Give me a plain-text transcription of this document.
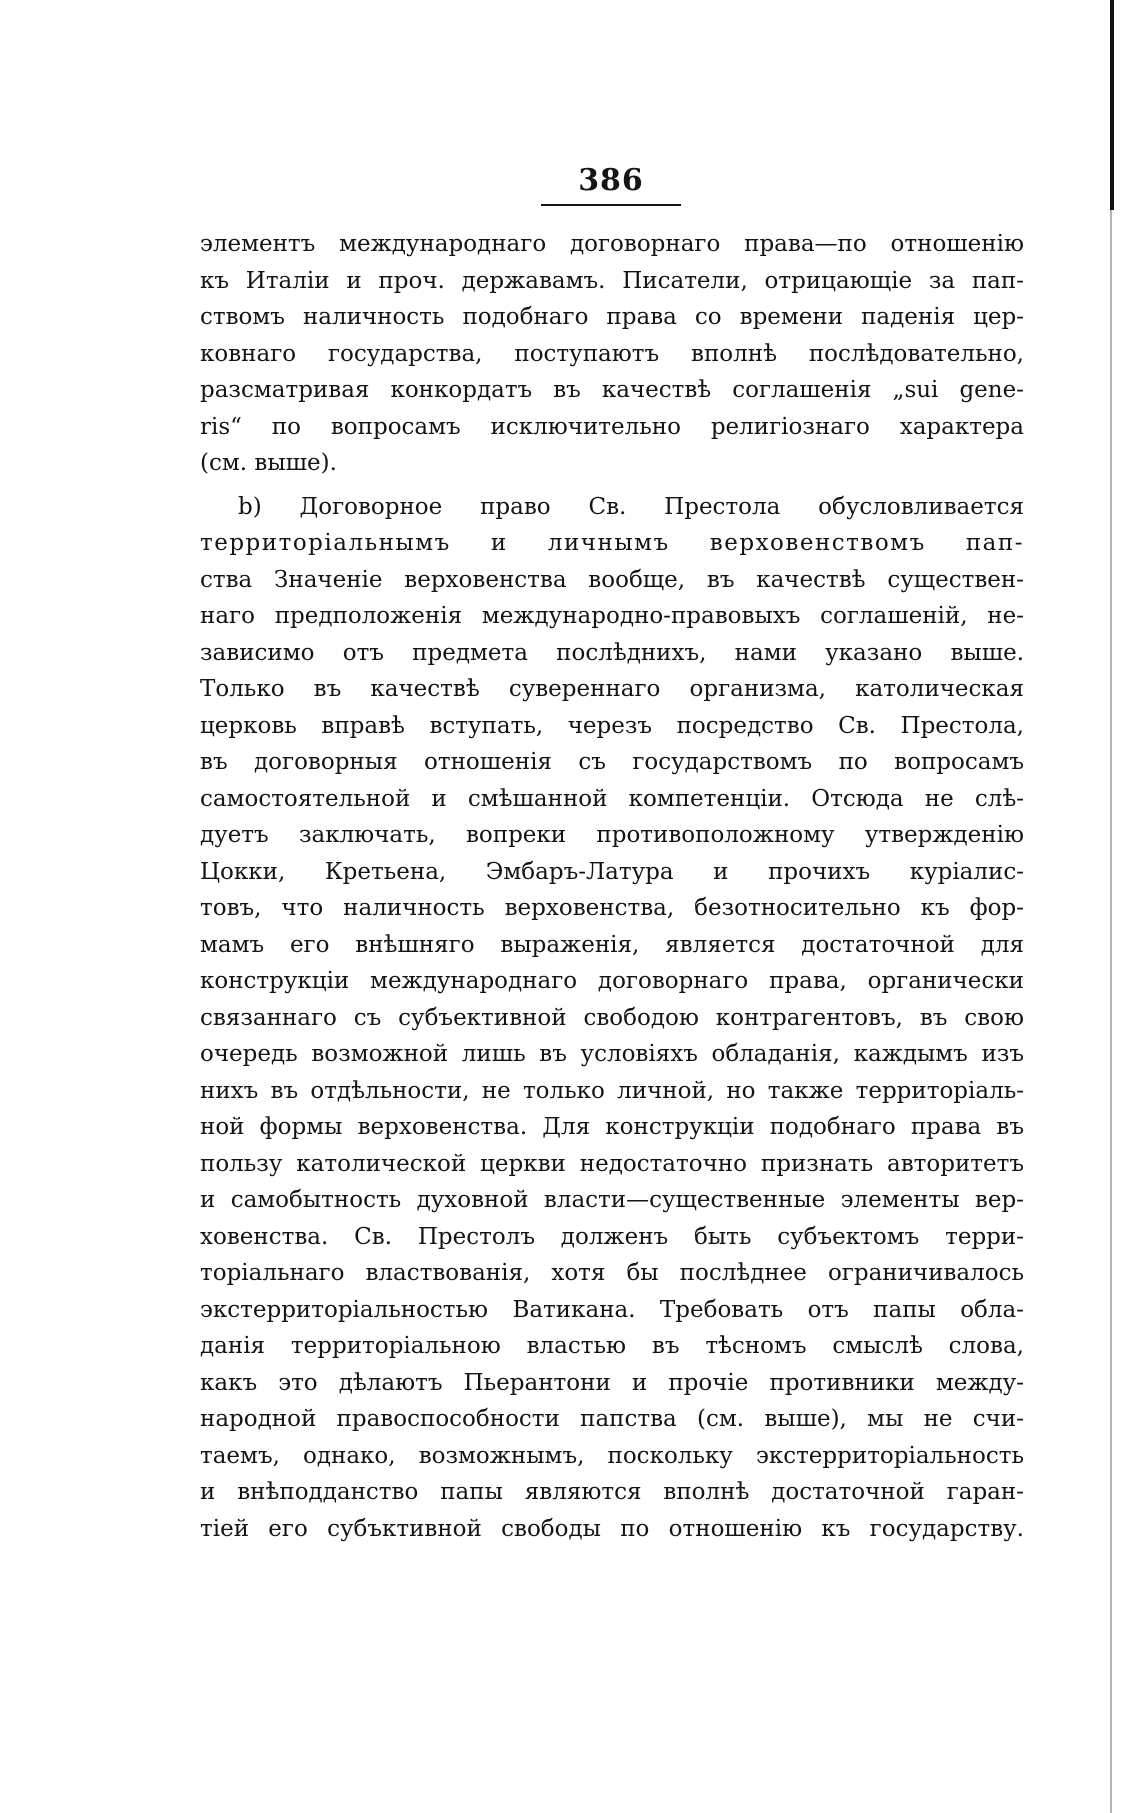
386
элементъ международнаго договорнаго права—по отношенію
къ Италіи и проч. державамъ. Писатели, отрицающіе за пап-
ствомъ наличность подобнаго права со времени паденія цер-
ковнаго государства, поступаютъ вполнѣ послѣдовательно,
разсматривая конкордатъ въ качествѣ соглашенія „sui gene-
ris“ по вопросамъ исключительно религіознаго характера
(см. выше).
b) Договорное право Св. Престола обусловливается
территоріальнымъ и личнымъ верховенствомъ пап-
ства Значеніе верховенства вообще, въ качествѣ существен-
наго предположенія международно-правовыхъ соглашеній, не-
зависимо отъ предмета послѣднихъ, нами указано выше.
Только въ качествѣ сувереннаго организма, католическая
церковь вправѣ вступать, черезъ посредство Св. Престола,
въ договорныя отношенія съ государствомъ по вопросамъ
самостоятельной и смѣшанной компетенціи. Отсюда не слѣ-
дуетъ заключать, вопреки противоположному утвержденію
Цокки, Кретьена, Эмбаръ-Латура и прочихъ куріалис-
товъ, что наличность верховенства, безотносительно къ фор-
мамъ его внѣшняго выраженія, является достаточной для
конструкціи международнаго договорнаго права, органически
связаннаго съ субъективной свободою контрагентовъ, въ свою
очередь возможной лишь въ условіяхъ обладанія, каждымъ изъ
нихъ въ отдѣльности, не только личной, но также территоріаль-
ной формы верховенства. Для конструкціи подобнаго права въ
пользу католической церкви недостаточно признать авторитетъ
и самобытность духовной власти—существенные элементы вер-
ховенства. Св. Престолъ долженъ быть субъектомъ терри-
торіальнаго властвованія, хотя бы послѣднее ограничивалось
экстерриторіальностью Ватикана. Требовать отъ папы обла-
данія территоріальною властью въ тѣсномъ смыслѣ слова,
какъ это дѣлаютъ Пьерантони и прочіе противники между-
народной правоспособности папства (см. выше), мы не счи-
таемъ, однако, возможнымъ, поскольку экстерриторіальность
и внѣподданство папы являются вполнѣ достаточной гаран-
тіей его субъктивной свободы по отношенію къ государству.
